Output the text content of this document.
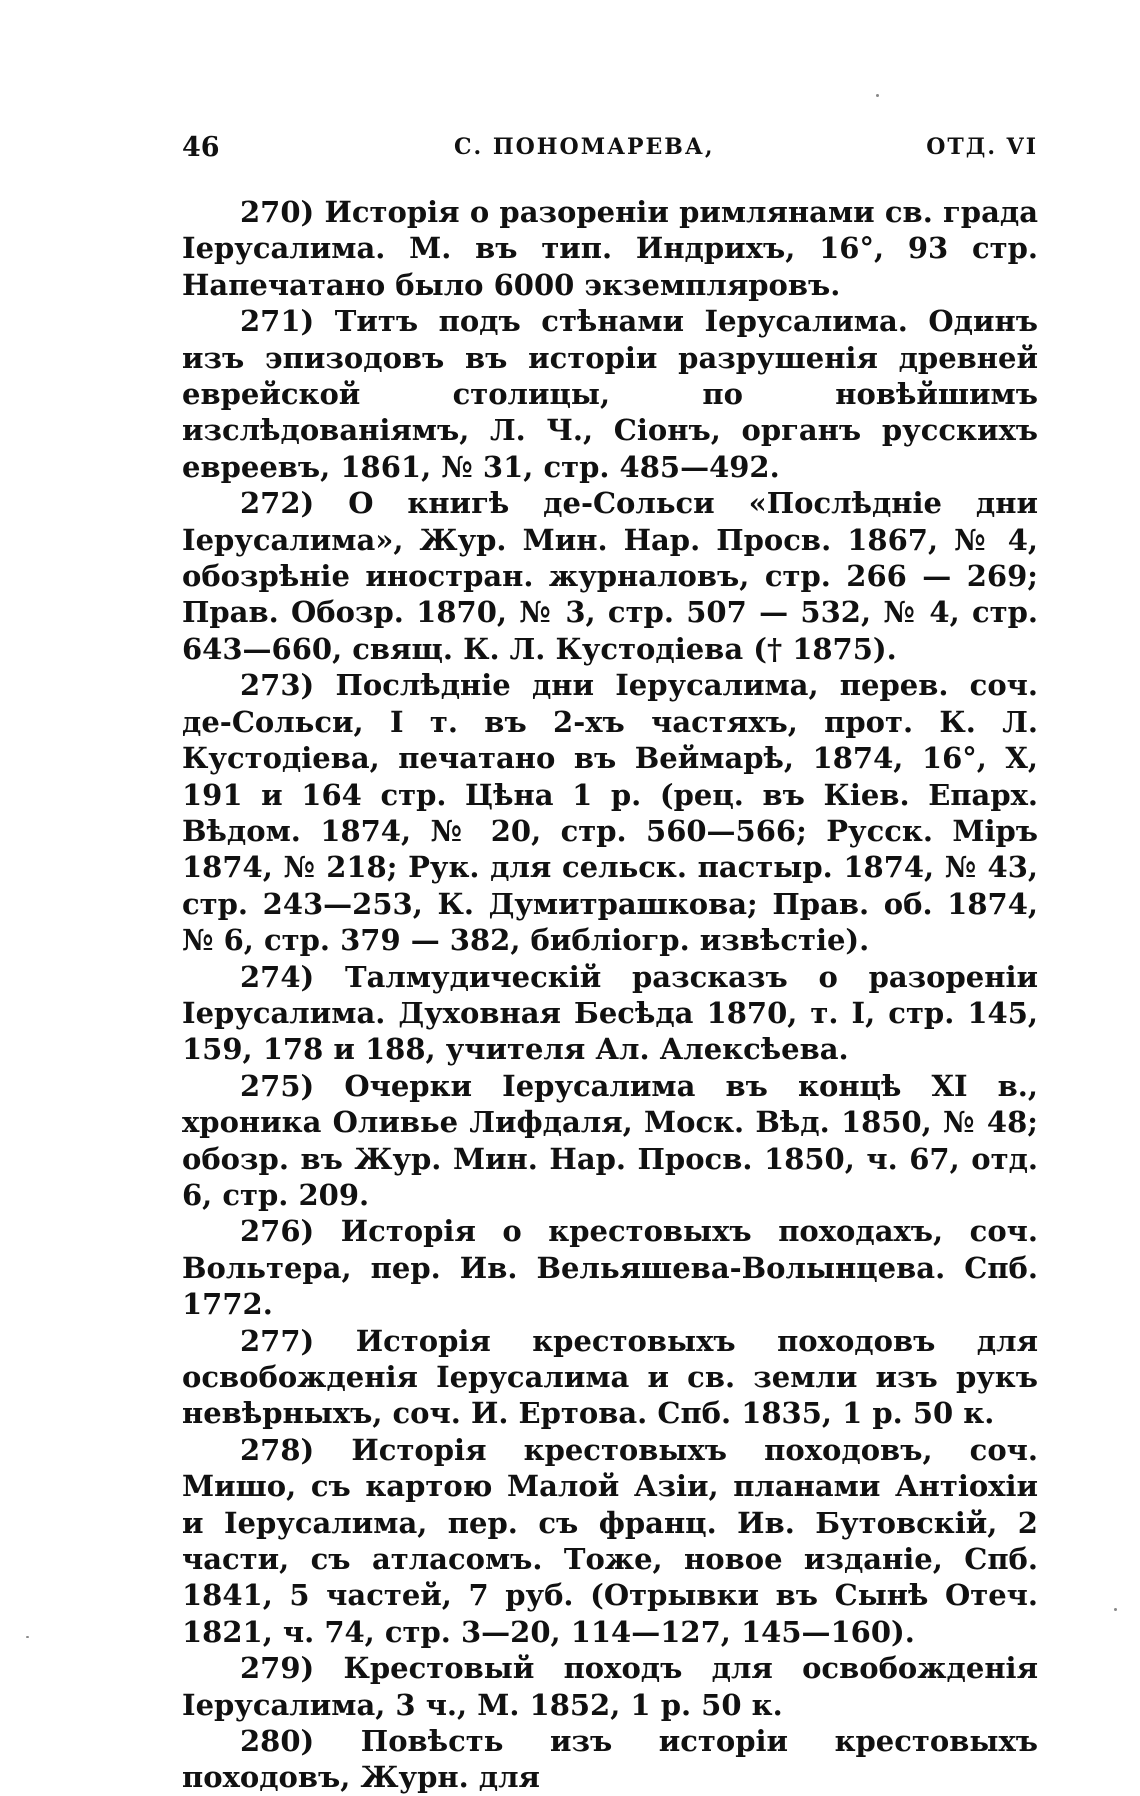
46	С. ПОНОМАРЕВА,	ОТД. VI

270) Исторія о разореніи римлянами св. града Іерусалима. М. въ тип. Индрихъ, 16°, 93 стр. Напечатано было 6000 экземпляровъ.

271) Титъ подъ стѣнами Іерусалима. Одинъ изъ эпизодовъ въ исторіи разрушенія древней еврейской столицы, по новѣйшимъ изслѣдованіямъ, Л. Ч., Сіонъ, органъ русскихъ евреевъ, 1861, № 31, стр. 485—492.

272) О книгѣ де-Сольси «Послѣдніе дни Іерусалима», Жур. Мин. Нар. Просв. 1867, № 4, обозрѣніе иностран. журналовъ, стр. 266 — 269; Прав. Обозр. 1870, № 3, стр. 507 — 532, № 4, стр. 643—660, свящ. К. Л. Кустодіева († 1875).

273) Послѣдніе дни Іерусалима, перев. соч. де-Сольси, I т. въ 2-хъ частяхъ, прот. К. Л. Кустодіева, печатано въ Веймарѣ, 1874, 16°, X, 191 и 164 стр. Цѣна 1 р. (рец. въ Кіев. Епарх. Вѣдом. 1874, № 20, стр. 560—566; Русск. Міръ 1874, № 218; Рук. для сельск. пастыр. 1874, № 43, стр. 243—253, К. Думитрашкова; Прав. об. 1874, № 6, стр. 379 — 382, библіогр. извѣстіе).

274) Талмудическій разсказъ о разореніи Іерусалима. Духовная Бесѣда 1870, т. I, стр. 145, 159, 178 и 188, учителя Ал. Алексѣева.

275) Очерки Іерусалима въ концѣ XI в., хроника Оливье Лифдаля, Моск. Вѣд. 1850, № 48; обозр. въ Жур. Мин. Нар. Просв. 1850, ч. 67, отд. 6, стр. 209.

276) Исторія о крестовыхъ походахъ, соч. Вольтера, пер. Ив. Вельяшева-Волынцева. Спб. 1772.

277) Исторія крестовыхъ походовъ для освобожденія Іерусалима и св. земли изъ рукъ невѣрныхъ, соч. И. Ертова. Спб. 1835, 1 р. 50 к.

278) Исторія крестовыхъ походовъ, соч. Мишо, съ картою Малой Азіи, планами Антіохіи и Іерусалима, пер. съ франц. Ив. Бутовскій, 2 части, съ атласомъ. Тоже, новое изданіе, Спб. 1841, 5 частей, 7 руб. (Отрывки въ Сынѣ Отеч. 1821, ч. 74, стр. 3—20, 114—127, 145—160).

279) Крестовый походъ для освобожденія Іерусалима, 3 ч., М. 1852, 1 р. 50 к.

280) Повѣсть изъ исторіи крестовыхъ походовъ, Журн. для
